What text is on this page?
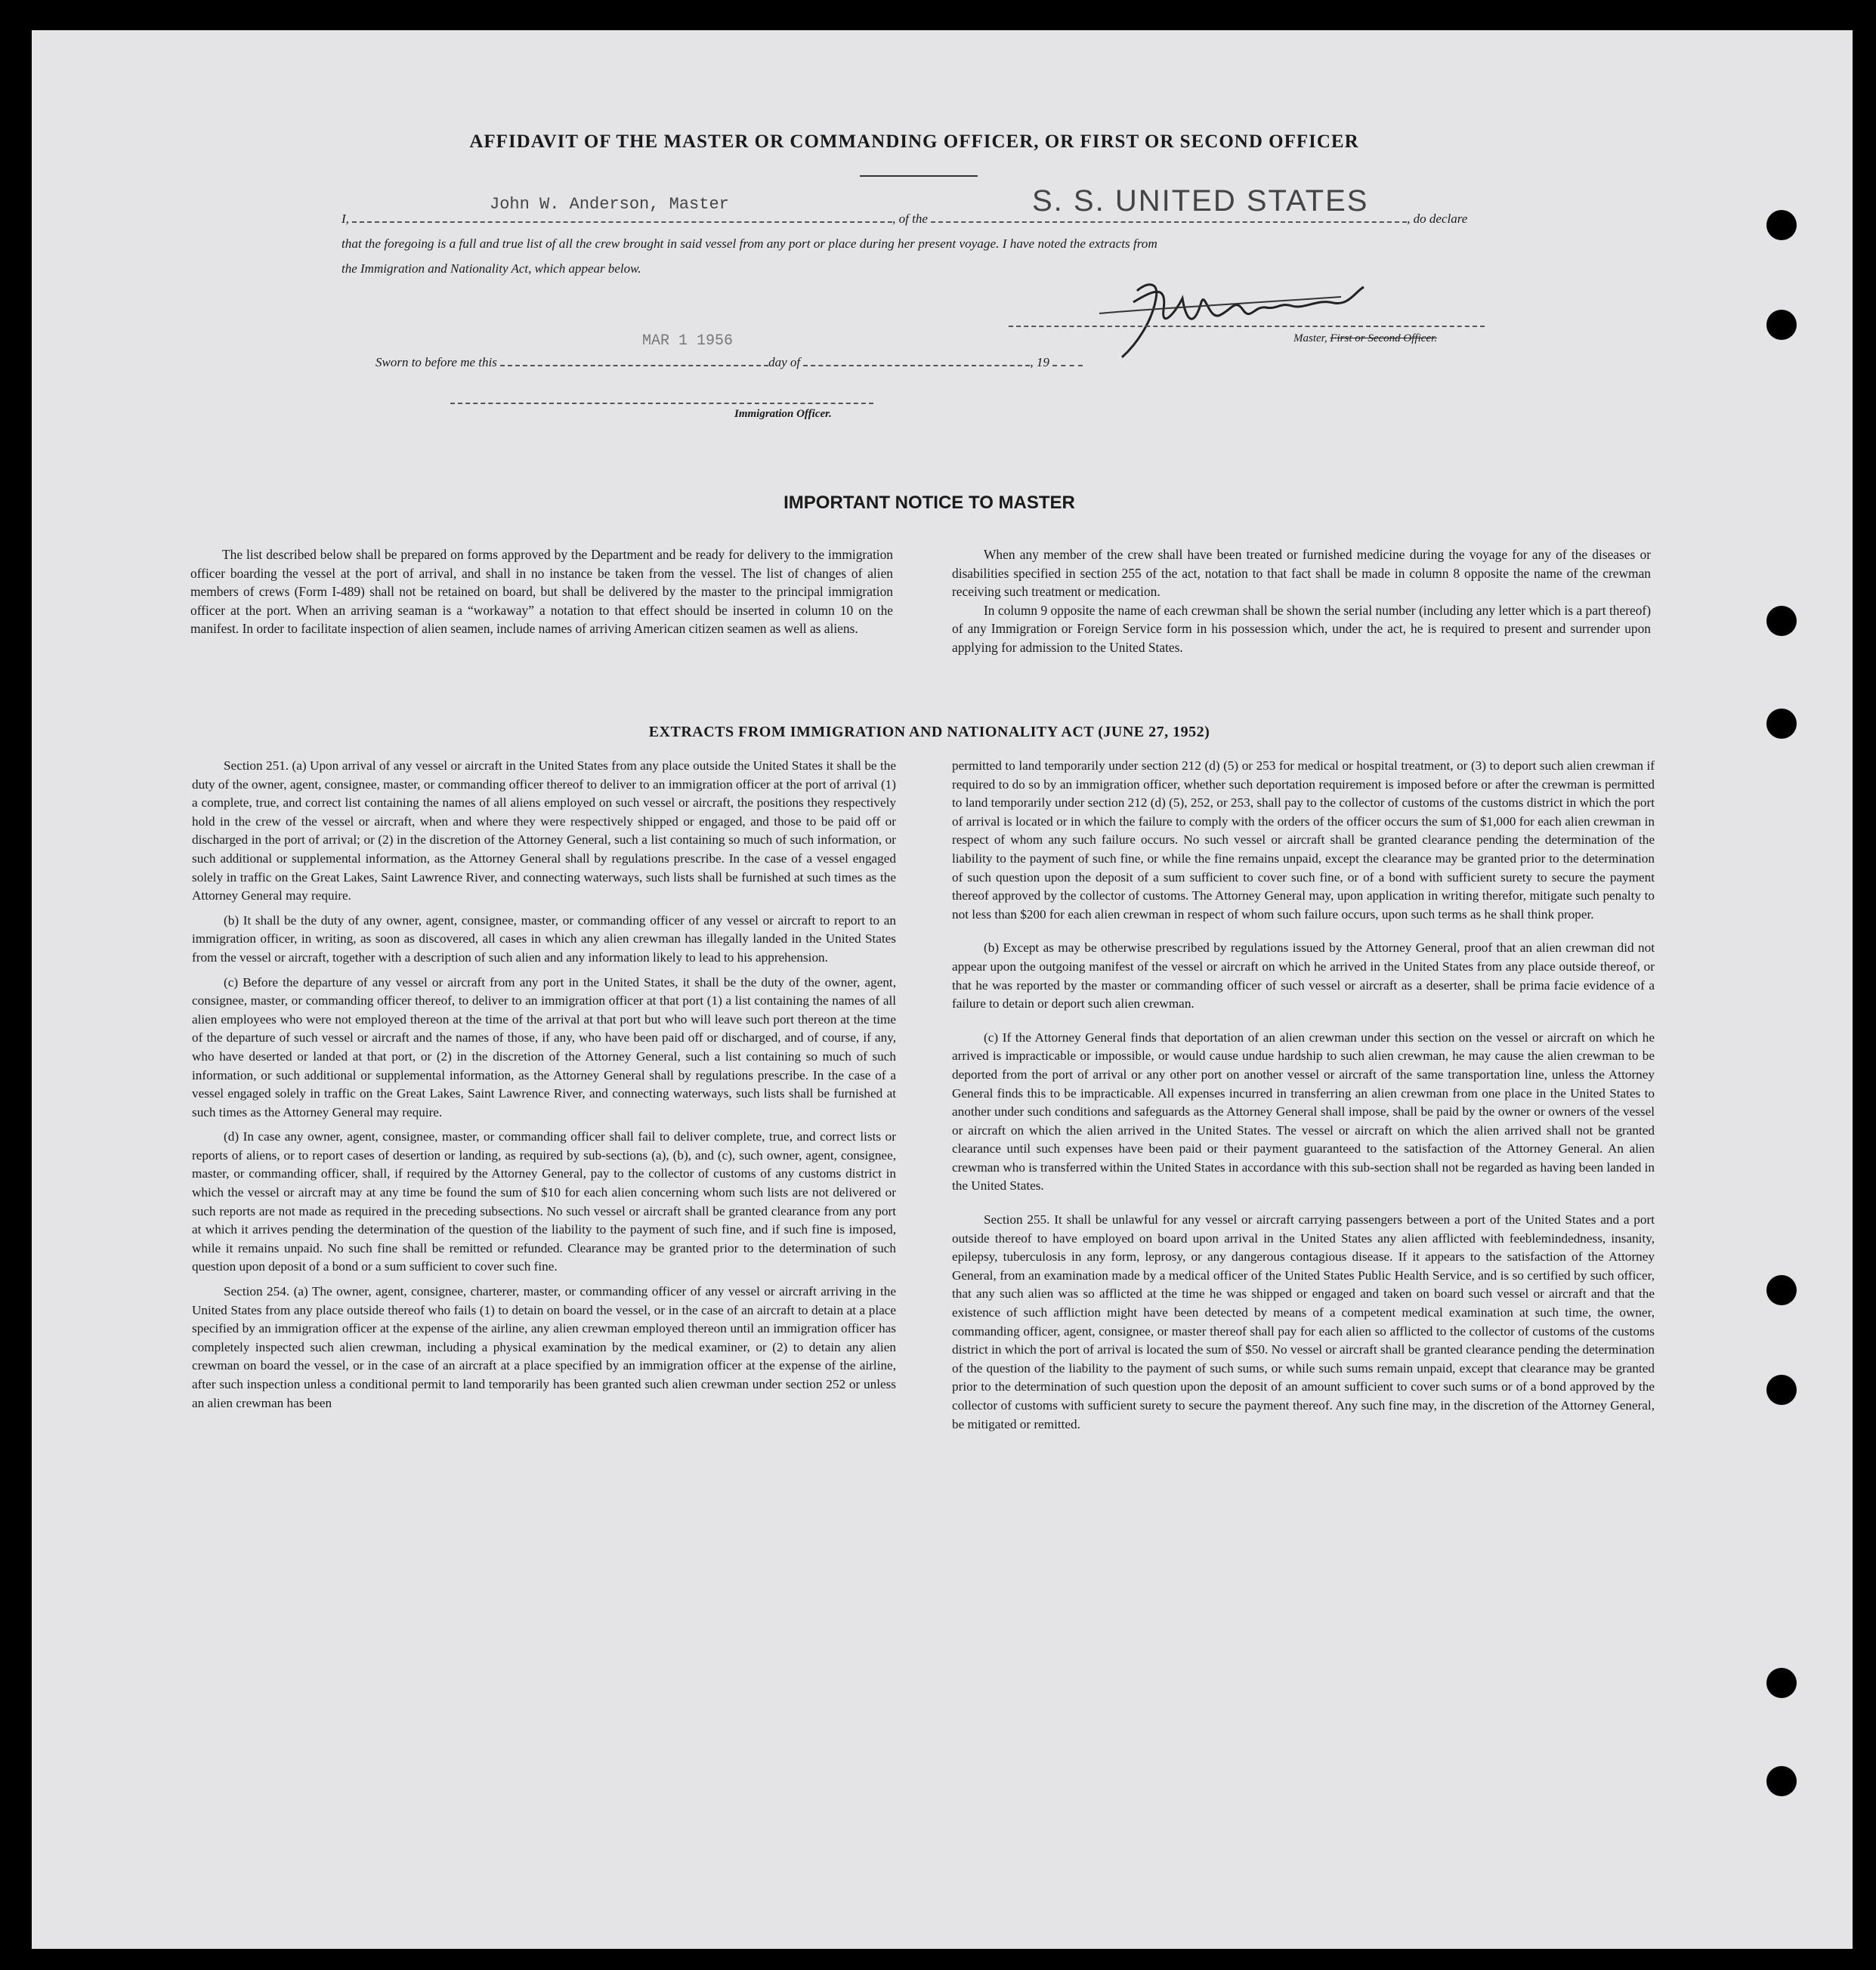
AFFIDAVIT OF THE MASTER OR COMMANDING OFFICER, OR FIRST OR SECOND OFFICER
I,	, of the	, do declare
John W. Anderson, Master	S. S. UNITED STATES
that the foregoing is a full and true list of all the crew brought in said vessel from any port or place during her present voyage. I have noted the extracts from
the Immigration and Nationality Act, which appear below.
Master, First or Second Officer.
MAR 1 1956
Sworn to before me this	day of	, 19
Immigration Officer.
IMPORTANT NOTICE TO MASTER

The list described below shall be prepared on forms approved by the Department and be ready for delivery to the immigration officer boarding the vessel at the port of arrival, and shall in no instance be taken from the vessel. The list of changes of alien members of crews (Form I-489) shall not be retained on board, but shall be delivered by the master to the principal immigration officer at the port. When an arriving seaman is a “workaway” a notation to that effect should be inserted in column 10 on the manifest. In order to facilitate inspection of alien seamen, include names of arriving American citizen seamen as well as aliens.

When any member of the crew shall have been treated or furnished medicine during the voyage for any of the diseases or disabilities specified in section 255 of the act, notation to that fact shall be made in column 8 opposite the name of the crewman receiving such treatment or medication.

In column 9 opposite the name of each crewman shall be shown the serial number (including any letter which is a part thereof) of any Immigration or Foreign Service form in his possession which, under the act, he is required to present and surrender upon applying for admission to the United States.

EXTRACTS FROM IMMIGRATION AND NATIONALITY ACT (JUNE 27, 1952)

Section 251. (a) Upon arrival of any vessel or aircraft in the United States from any place outside the United States it shall be the duty of the owner, agent, consignee, master, or commanding officer thereof to deliver to an immigration officer at the port of arrival (1) a complete, true, and correct list containing the names of all aliens employed on such vessel or aircraft, the positions they respectively hold in the crew of the vessel or aircraft, when and where they were respectively shipped or engaged, and those to be paid off or discharged in the port of arrival; or (2) in the discretion of the Attorney General, such a list containing so much of such information, or such additional or supplemental information, as the Attorney General shall by regulations prescribe. In the case of a vessel engaged solely in traffic on the Great Lakes, Saint Lawrence River, and connecting waterways, such lists shall be furnished at such times as the Attorney General may require.

(b) It shall be the duty of any owner, agent, consignee, master, or commanding officer of any vessel or aircraft to report to an immigration officer, in writing, as soon as discovered, all cases in which any alien crewman has illegally landed in the United States from the vessel or aircraft, together with a description of such alien and any information likely to lead to his apprehension.

(c) Before the departure of any vessel or aircraft from any port in the United States, it shall be the duty of the owner, agent, consignee, master, or commanding officer thereof, to deliver to an immigration officer at that port (1) a list containing the names of all alien employees who were not employed thereon at the time of the arrival at that port but who will leave such port thereon at the time of the departure of such vessel or aircraft and the names of those, if any, who have been paid off or discharged, and of course, if any, who have deserted or landed at that port, or (2) in the discretion of the Attorney General, such a list containing so much of such information, or such additional or supplemental information, as the Attorney General shall by regulations prescribe. In the case of a vessel engaged solely in traffic on the Great Lakes, Saint Lawrence River, and connecting waterways, such lists shall be furnished at such times as the Attorney General may require.

(d) In case any owner, agent, consignee, master, or commanding officer shall fail to deliver complete, true, and correct lists or reports of aliens, or to report cases of desertion or landing, as required by sub-sections (a), (b), and (c), such owner, agent, consignee, master, or commanding officer, shall, if required by the Attorney General, pay to the collector of customs of any customs district in which the vessel or aircraft may at any time be found the sum of $10 for each alien concerning whom such lists are not delivered or such reports are not made as required in the preceding subsections. No such vessel or aircraft shall be granted clearance from any port at which it arrives pending the determination of the question of the liability to the payment of such fine, and if such fine is imposed, while it remains unpaid. No such fine shall be remitted or refunded. Clearance may be granted prior to the determination of such question upon deposit of a bond or a sum sufficient to cover such fine.

Section 254. (a) The owner, agent, consignee, charterer, master, or commanding officer of any vessel or aircraft arriving in the United States from any place outside thereof who fails (1) to detain on board the vessel, or in the case of an aircraft to detain at a place specified by an immigration officer at the expense of the airline, any alien crewman employed thereon until an immigration officer has completely inspected such alien crewman, including a physical examination by the medical examiner, or (2) to detain any alien crewman on board the vessel, or in the case of an aircraft at a place specified by an immigration officer at the expense of the airline, after such inspection unless a conditional permit to land temporarily has been granted such alien crewman under section 252 or unless an alien crewman has been

permitted to land temporarily under section 212 (d) (5) or 253 for medical or hospital treatment, or (3) to deport such alien crewman if required to do so by an immigration officer, whether such deportation requirement is imposed before or after the crewman is permitted to land temporarily under section 212 (d) (5), 252, or 253, shall pay to the collector of customs of the customs district in which the port of arrival is located or in which the failure to comply with the orders of the officer occurs the sum of $1,000 for each alien crewman in respect of whom any such failure occurs. No such vessel or aircraft shall be granted clearance pending the determination of the liability to the payment of such fine, or while the fine remains unpaid, except the clearance may be granted prior to the determination of such question upon the deposit of a sum sufficient to cover such fine, or of a bond with sufficient surety to secure the payment thereof approved by the collector of customs. The Attorney General may, upon application in writing therefor, mitigate such penalty to not less than $200 for each alien crewman in respect of whom such failure occurs, upon such terms as he shall think proper.

(b) Except as may be otherwise prescribed by regulations issued by the Attorney General, proof that an alien crewman did not appear upon the outgoing manifest of the vessel or aircraft on which he arrived in the United States from any place outside thereof, or that he was reported by the master or commanding officer of such vessel or aircraft as a deserter, shall be prima facie evidence of a failure to detain or deport such alien crewman.

(c) If the Attorney General finds that deportation of an alien crewman under this section on the vessel or aircraft on which he arrived is impracticable or impossible, or would cause undue hardship to such alien crewman, he may cause the alien crewman to be deported from the port of arrival or any other port on another vessel or aircraft of the same transportation line, unless the Attorney General finds this to be impracticable. All expenses incurred in transferring an alien crewman from one place in the United States to another under such conditions and safeguards as the Attorney General shall impose, shall be paid by the owner or owners of the vessel or aircraft on which the alien arrived in the United States. The vessel or aircraft on which the alien arrived shall not be granted clearance until such expenses have been paid or their payment guaranteed to the satisfaction of the Attorney General. An alien crewman who is transferred within the United States in accordance with this sub-section shall not be regarded as having been landed in the United States.

Section 255. It shall be unlawful for any vessel or aircraft carrying passengers between a port of the United States and a port outside thereof to have employed on board upon arrival in the United States any alien afflicted with feeblemindedness, insanity, epilepsy, tuberculosis in any form, leprosy, or any dangerous contagious disease. If it appears to the satisfaction of the Attorney General, from an examination made by a medical officer of the United States Public Health Service, and is so certified by such officer, that any such alien was so afflicted at the time he was shipped or engaged and taken on board such vessel or aircraft and that the existence of such affliction might have been detected by means of a competent medical examination at such time, the owner, commanding officer, agent, consignee, or master thereof shall pay for each alien so afflicted to the collector of customs of the customs district in which the port of arrival is located the sum of $50. No vessel or aircraft shall be granted clearance pending the determination of the question of the liability to the payment of such sums, or while such sums remain unpaid, except that clearance may be granted prior to the determination of such question upon the deposit of an amount sufficient to cover such sums or of a bond approved by the collector of customs with sufficient surety to secure the payment thereof. Any such fine may, in the discretion of the Attorney General, be mitigated or remitted.
